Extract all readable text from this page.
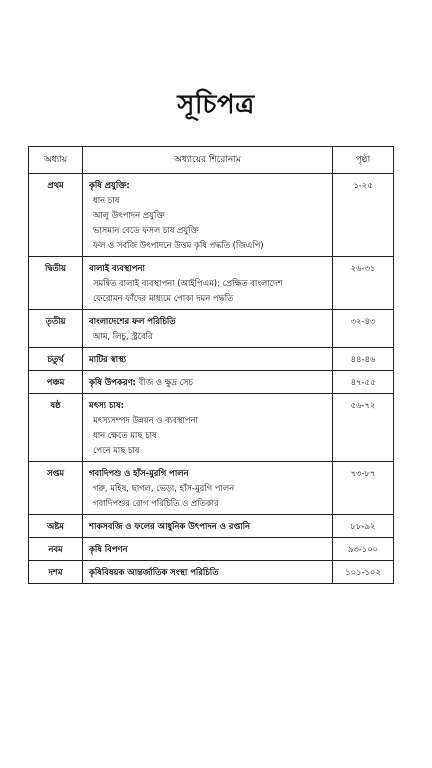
সূচিপত্র
অধ্যায়	অধ্যায়ের শিরোনাম	পৃষ্ঠা
প্রথম	কৃষি প্রযুক্তি:
ধান চাষ
আলু উৎপাদন প্রযুক্তি
ভাসমান বেডে ফসল চাষ প্রযুক্তি
ফল ও সবজি উৎপাদনে উত্তম কৃষি পদ্ধতি (জিএপি)	১-২৫
দ্বিতীয়	বালাই ব্যবস্থাপনা
সমন্বিত বালাই ব্যবস্থাপনা (আইপিএম): প্রেক্ষিত বাংলাদেশ
ফেরোমন ফাঁদের মাধ্যমে পোকা দমন পদ্ধতি	২৬-৩১
তৃতীয়	বাংলাদেশের ফল পরিচিতি
আম, লিচু, স্ট্রবেরি	৩২-৪৩
চতুর্থ	মাটির স্বাস্থ্য	৪৪-৪৬
পঞ্চম	কৃষি উপকরণ: বীজ ও ক্ষুদ্র সেচ	৪৭-৫৫
ষষ্ঠ	মৎস্য চাষ:
মৎস্যসম্পদ উন্নয়ন ও ব্যবস্থাপনা
ধান ক্ষেতে মাছ চাষ
পেনে মাছ চাষ	৫৬-৭২
সপ্তম	গবাদিপশু ও হাঁস-মুরগি পালন
গরু, মহিষ, ছাগল, ভেড়া, হাঁস-মুরগি পালন
গবাদিপশুর রোগ পরিচিতি ও প্রতিকার	৭৩-৮৭
অষ্টম	শাকসবজি ও ফলের আধুনিক উৎপাদন ও রপ্তানি	৮৮-৯২
নবম	কৃষি বিপণন	৯৩-১০০
দশম	কৃষিবিষয়ক আন্তর্জাতিক সংস্থা পরিচিতি	১০১-১০২
